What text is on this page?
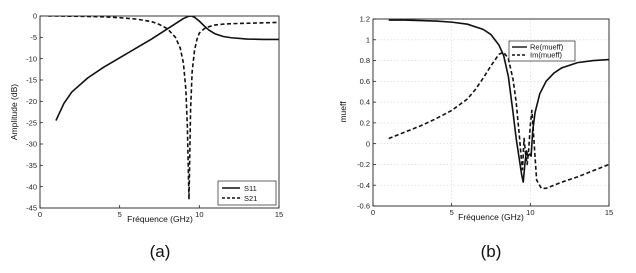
0	5	10	15
0
-5
-10
-15
-20
-25
-30
-35
-40
-45
Fréquence (GHz)
Amplitude (dB)
S11
S21
(a)
0	5	10	15
1.2
1
0.8
0.6
0.4
0.2
0
-0.2
-0.4
-0.6
Fréquence (GHz)
mueff
Re(mueff)
Im(mueff)
(b)
